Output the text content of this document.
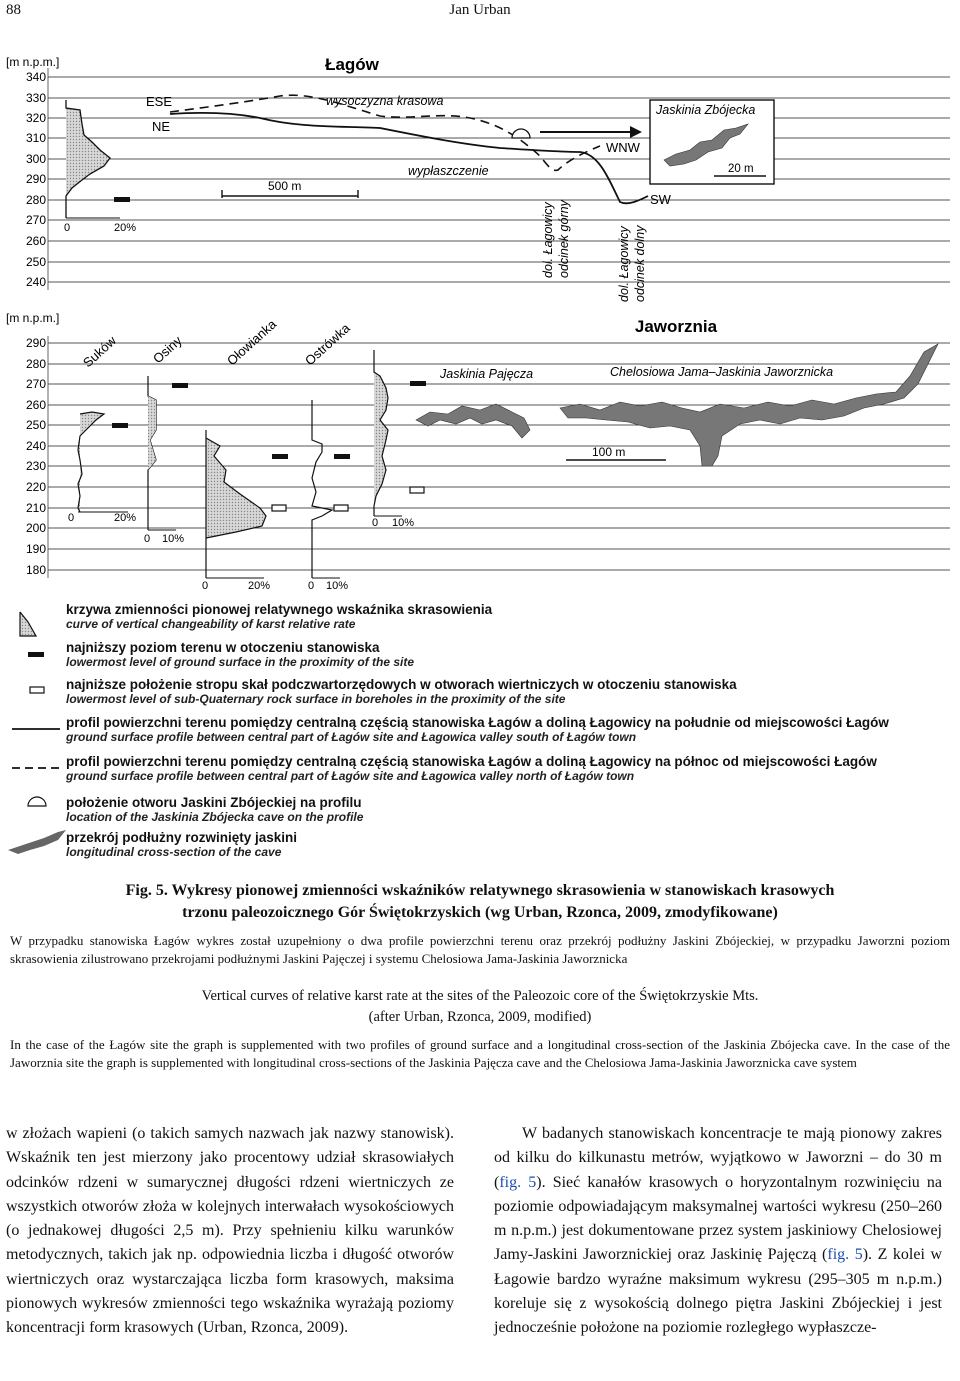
88	Jan Urban
[m n.p.m.]	Łagów
340
330
320
310
300
290
280
270
260
250
240
0	20%
ESE
NE
wysoczyzna krasowa
wypłaszczenie
WNW
SW
500 m
Jaskinia Zbójecka
20 m
dol. Łagowicy odcinek górny	dol. Łagowicy odcinek dolny
[m n.p.m.]	Jaworznia
290
280
270
260
250
240
230
220
210
200
190
180
Suków Osiny	Ołowianka Ostrówka
0	20%
0 10%
0	20%	0 10%
0 10%
Jaskinia Pajęcza	Chelosiowa Jama–Jaskinia Jaworznicka
100 m
krzywa zmienności pionowej relatywnego wskaźnika skrasowienia
curve of vertical changeability of karst relative rate
najniższy poziom terenu w otoczeniu stanowiska
lowermost level of ground surface in the proximity of the site
najniższe położenie stropu skał podczwartorzędowych w otworach wiertniczych w otoczeniu stanowiska
lowermost level of sub-Quaternary rock surface in boreholes in the proximity of the site
profil powierzchni terenu pomiędzy centralną częścią stanowiska Łagów a doliną Łagowicy na południe od miejscowości Łagów
ground surface profile between central part of Łagów site and Łagowica valley south of Łagów town
profil powierzchni terenu pomiędzy centralną częścią stanowiska Łagów a doliną Łagowicy na północ od miejscowości Łagów
ground surface profile between central part of Łagów site and Łagowica valley north of Łagów town
położenie otworu Jaskini Zbójeckiej na profilu
location of the Jaskinia Zbójecka cave on the profile
przekrój podłużny rozwinięty jaskini
longitudinal cross-section of the cave
Fig. 5. Wykresy pionowej zmienności wskaźników relatywnego skrasowienia w stanowiskach krasowych
trzonu paleozoicznego Gór Świętokrzyskich (wg Urban, Rzonca, 2009, zmodyfikowane)
W przypadku stanowiska Łagów wykres został uzupełniony o dwa profile powierzchni terenu oraz przekrój podłużny Jaskini Zbójeckiej, w przypadku Jaworzni poziom skrasowienia zilustrowano przekrojami podłużnymi Jaskini Pajęczej i systemu Chelosiowa Jama-Jaskinia Jaworznicka
Vertical curves of relative karst rate at the sites of the Paleozoic core of the Świętokrzyskie Mts.
(after Urban, Rzonca, 2009, modified)
In the case of the Łagów site the graph is supplemented with two profiles of ground surface and a longitudinal cross-section of the Jaskinia Zbójecka cave. In the case of the Jaworznia site the graph is supplemented with longitudinal cross-sections of the Jaskinia Pajęcza cave and the Chelosiowa Jama-Jaskinia Jaworznicka cave system

w złożach wapieni (o takich samych nazwach jak nazwy stanowisk). Wskaźnik ten jest mierzony jako procentowy udział skrasowiałych odcinków rdzeni w sumarycznej długości rdzeni wiertniczych ze wszystkich otworów złoża w kolejnych interwałach wysokościowych (o jednakowej długości 2,5 m). Przy spełnieniu kilku warunków metodycznych, takich jak np. odpowiednia liczba i długość otworów wiertniczych oraz wystarczająca liczba form krasowych, maksima pionowych wykresów zmienności tego wskaźnika wyrażają poziomy koncentracji form krasowych (Urban, Rzonca, 2009).

W badanych stanowiskach koncentracje te mają pionowy zakres od kilku do kilkunastu metrów, wyjątkowo w Jaworzni – do 30 m (fig. 5). Sieć kanałów krasowych o horyzontalnym rozwinięciu na poziomie odpowiadającym maksymalnej wartości wykresu (250–260 m n.p.m.) jest dokumentowane przez system jaskiniowy Chelosiowej Jamy-Jaskini Jaworznickiej oraz Jaskinię Pajęczą (fig. 5). Z kolei w Łagowie bardzo wyraźne maksimum wykresu (295–305 m n.p.m.) koreluje się z wysokością dolnego piętra Jaskini Zbójeckiej i jest jednocześnie położone na poziomie rozległego wypłaszcze-
